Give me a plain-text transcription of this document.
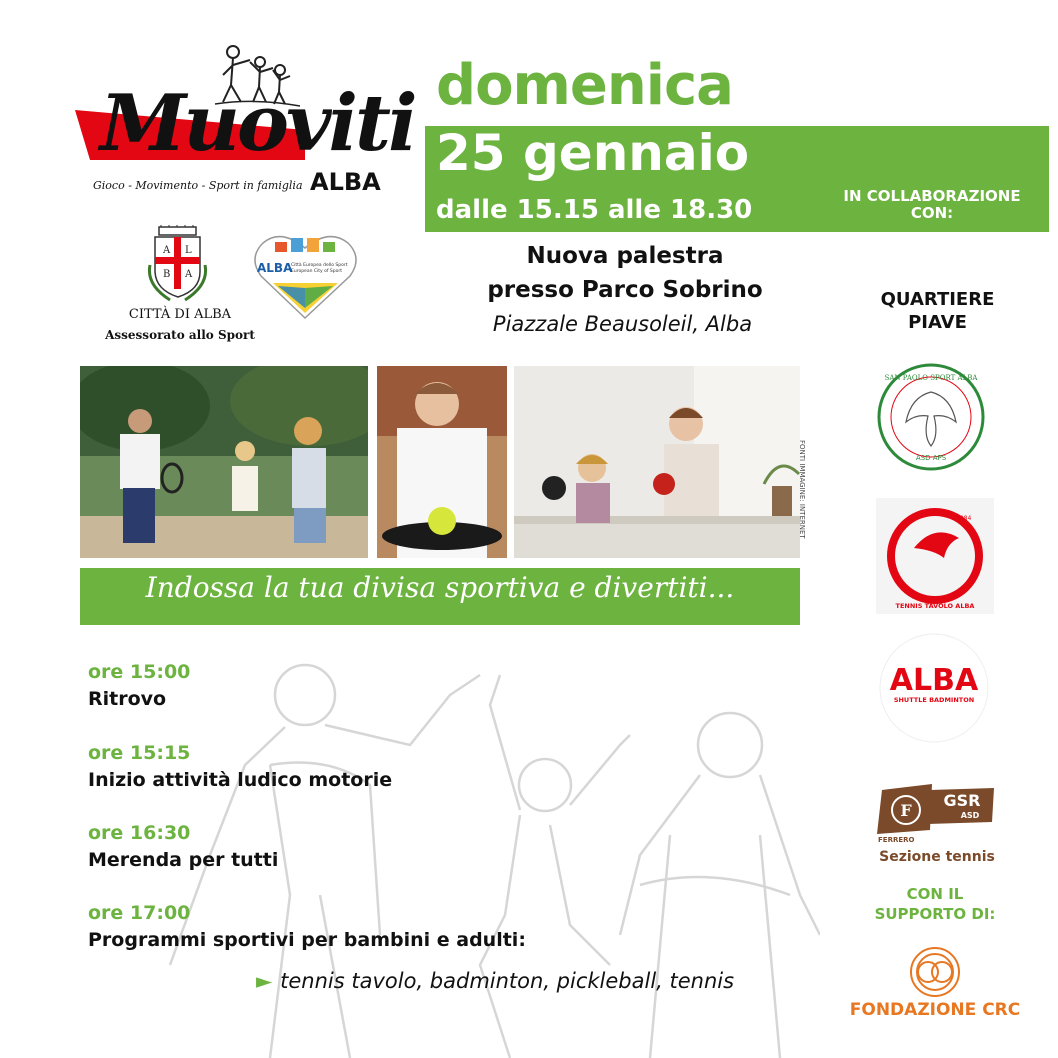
Muoviti
Gioco - Movimento - Sport in famiglia ALBA
domenica
25 gennaio
dalle 15.15 alle 18.30	IN COLLABORAZIONE
CON:
A L
B A
CITTÀ DI ALBA
Assessorato allo Sport
ALBA
Città Europea dello Sport
European City of Sport
Nuova palestra
presso Parco Sobrino
Piazzale Beausoleil, Alba
QUARTIERE
PIAVE
SAN PAOLO SPORT ALBA
ASD APS
1984
TENNIS TAVOLO ALBA
ALBA
SHUTTLE BADMINTON
F
GSR
ASD
FERRERO
Sezione tennis
CON IL
SUPPORTO DI:
FONDAZIONE CRC
FONTI IMMAGINE: INTERNET
Indossa la tua divisa sportiva e divertiti...
ore 15:00
Ritrovo
ore 15:15
Inizio attività ludico motorie
ore 16:30
Merenda per tutti
ore 17:00
Programmi sportivi per bambini e adulti:
► tennis tavolo, badminton, pickleball, tennis
